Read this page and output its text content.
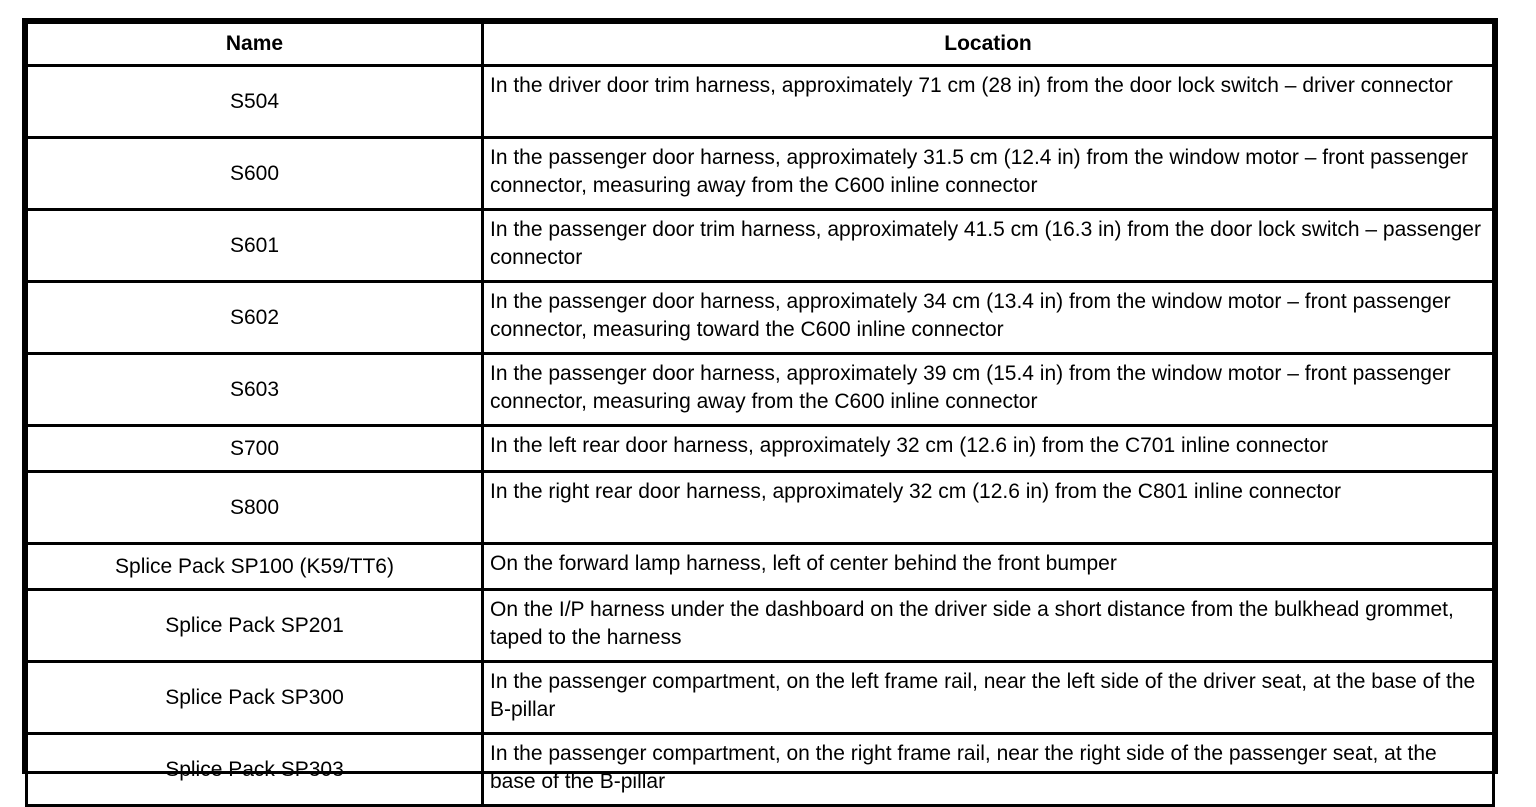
Name	Location
S504	In the driver door trim harness, approximately 71 cm (28 in) from the door lock switch – driver connector
S600	In the passenger door harness, approximately 31.5 cm (12.4 in) from the window motor – front passenger connector, measuring away from the C600 inline connector
S601	In the passenger door trim harness, approximately 41.5 cm (16.3 in) from the door lock switch – passenger connector
S602	In the passenger door harness, approximately 34 cm (13.4 in) from the window motor – front passenger connector, measuring toward the C600 inline connector
S603	In the passenger door harness, approximately 39 cm (15.4 in) from the window motor – front passenger connector, measuring away from the C600 inline connector
S700	In the left rear door harness, approximately 32 cm (12.6 in) from the C701 inline connector
S800	In the right rear door harness, approximately 32 cm (12.6 in) from the C801 inline connector
Splice Pack SP100 (K59/TT6)	On the forward lamp harness, left of center behind the front bumper
Splice Pack SP201	On the I/P harness under the dashboard on the driver side a short distance from the bulkhead grommet, taped to the harness
Splice Pack SP300	In the passenger compartment, on the left frame rail, near the left side of the driver seat, at the base of the B-pillar
Splice Pack SP303	In the passenger compartment, on the right frame rail, near the right side of the passenger seat, at the base of the B-pillar
